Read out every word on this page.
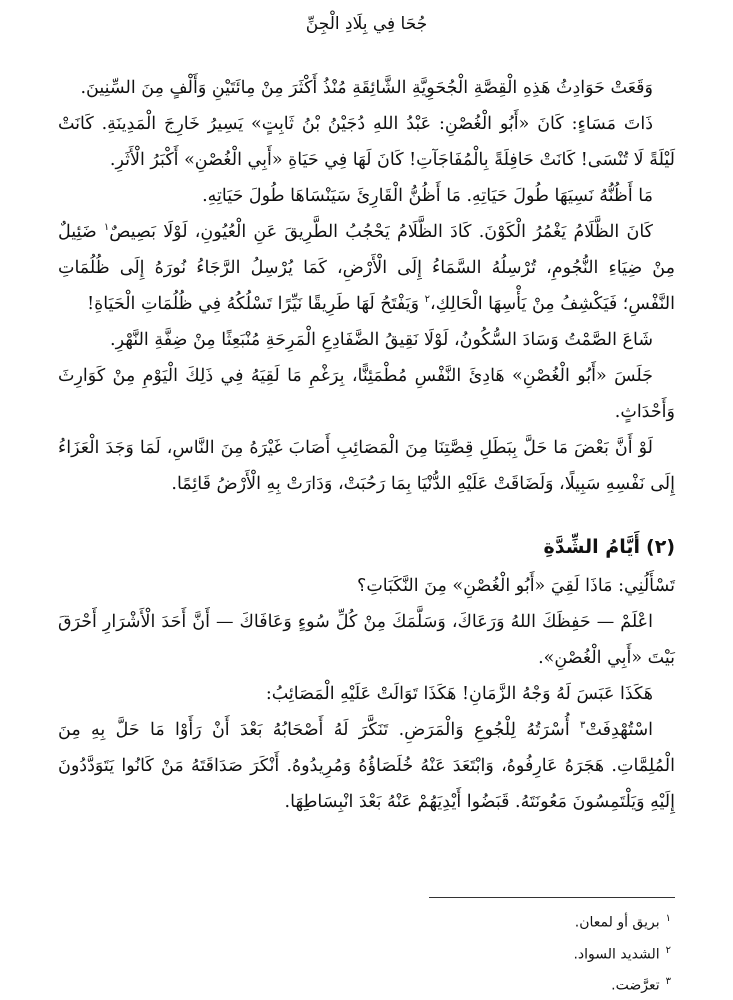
جُحَا فِي بِلَادِ الْجِنِّ

وَقَعَتْ حَوَادِثُ هَذِهِ الْقِصَّةِ الْجُحَوِيَّةِ الشَّائِقَةِ مُنْذُ أَكْثَرَ مِنْ مِائَتَيْنِ وَأَلْفٍ مِنَ السِّنِينَ.

ذَاتَ مَسَاءٍ: كَانَ «أَبُو الْغُصْنِ: عَبْدُ اللهِ دُجَيْنُ بْنُ ثَابِتٍ» يَسِيرُ خَارِجَ الْمَدِينَةِ. كَانَتْ لَيْلَةً لَا تُنْسَى! كَانَتْ حَافِلَةً بِالْمُفَاجَآتِ! كَانَ لَهَا فِي حَيَاةِ «أَبِي الْغُصْنِ» أَكْبَرُ الْأَثَرِ.

مَا أَظُنُّهُ نَسِيَهَا طُولَ حَيَاتِهِ. مَا أَظُنُّ الْقَارِئَ سَيَنْسَاهَا طُولَ حَيَاتِهِ.

كَانَ الظَّلَامُ يَغْمُرُ الْكَوْنَ. كَادَ الظَّلَامُ يَحْجُبُ الطَّرِيقَ عَنِ الْعُيُونِ، لَوْلَا بَصِيصٌ$^١$ ضَئِيلٌ مِنْ ضِيَاءِ النُّجُومِ، تُرْسِلُهُ السَّمَاءُ إِلَى الْأَرْضِ، كَمَا يُرْسِلُ الرَّجَاءُ نُورَهُ إِلَى ظُلُمَاتِ النَّفْسِ؛ فَيَكْشِفُ مِنْ يَأْسِهَا الْحَالِكِ،$^٢$ وَيَفْتَحُ لَهَا طَرِيقًا نَيِّرًا تَسْلُكُهُ فِي ظُلُمَاتِ الْحَيَاةِ!

شَاعَ الصَّمْتُ وَسَادَ السُّكُونُ، لَوْلَا نَقِيقُ الضَّفَادِعِ الْمَرِحَةِ مُنْبَعِثًا مِنْ ضِفَّةِ النَّهْرِ.

جَلَسَ «أَبُو الْغُصْنِ» هَادِئَ النَّفْسِ مُطْمَئِنًّا، بِرَغْمِ مَا لَقِيَهُ فِي ذَلِكَ الْيَوْمِ مِنْ كَوَارِثَ وَأَحْدَاثٍ.

لَوْ أَنَّ بَعْضَ مَا حَلَّ بِبَطَلِ قِصَّتِنَا مِنَ الْمَصَائِبِ أَصَابَ غَيْرَهُ مِنَ النَّاسِ، لَمَا وَجَدَ الْعَزَاءُ إِلَى نَفْسِهِ سَبِيلًا، وَلَضَاقَتْ عَلَيْهِ الدُّنْيَا بِمَا رَحُبَتْ، وَدَارَتْ بِهِ الْأَرْضُ قَائِمًا.

(٢)أَيَّامُ الشِّدَّةِ

تَسْأَلُنِي: مَاذَا لَقِيَ «أَبُو الْغُصْنِ» مِنَ النَّكَبَاتِ؟

اعْلَمْ — حَفِظَكَ اللهُ وَرَعَاكَ، وَسَلَّمَكَ مِنْ كُلِّ سُوءٍ وَعَافَاكَ — أَنَّ أَحَدَ الْأَشْرَارِ أَحْرَقَ بَيْتَ «أَبِي الْغُصْنِ».

هَكَذَا عَبَسَ لَهُ وَجْهُ الزَّمَانِ! هَكَذَا تَوَالَتْ عَلَيْهِ الْمَصَائِبُ:

اسْتُهْدِفَتْ$^٣$ أُسْرَتُهُ لِلْجُوعِ وَالْمَرَضِ. تَنَكَّرَ لَهُ أَصْحَابُهُ بَعْدَ أَنْ رَأَوْا مَا حَلَّ بِهِ مِنَ الْمُلِمَّاتِ. هَجَرَهُ عَارِفُوهُ، وَابْتَعَدَ عَنْهُ خُلَصَاؤُهُ وَمُرِيدُوهُ. أَنْكَرَ صَدَاقَتَهُ مَنْ كَانُوا يَتَوَدَّدُونَ إِلَيْهِ وَيَلْتَمِسُونَ مَعُونَتَهُ. قَبَضُوا أَيْدِيَهُمْ عَنْهُ بَعْدَ انْبِسَاطِهَا.

$^١$بريق أو لمعان.

$^٢$الشديد السواد.

$^٣$تعرَّضت.
